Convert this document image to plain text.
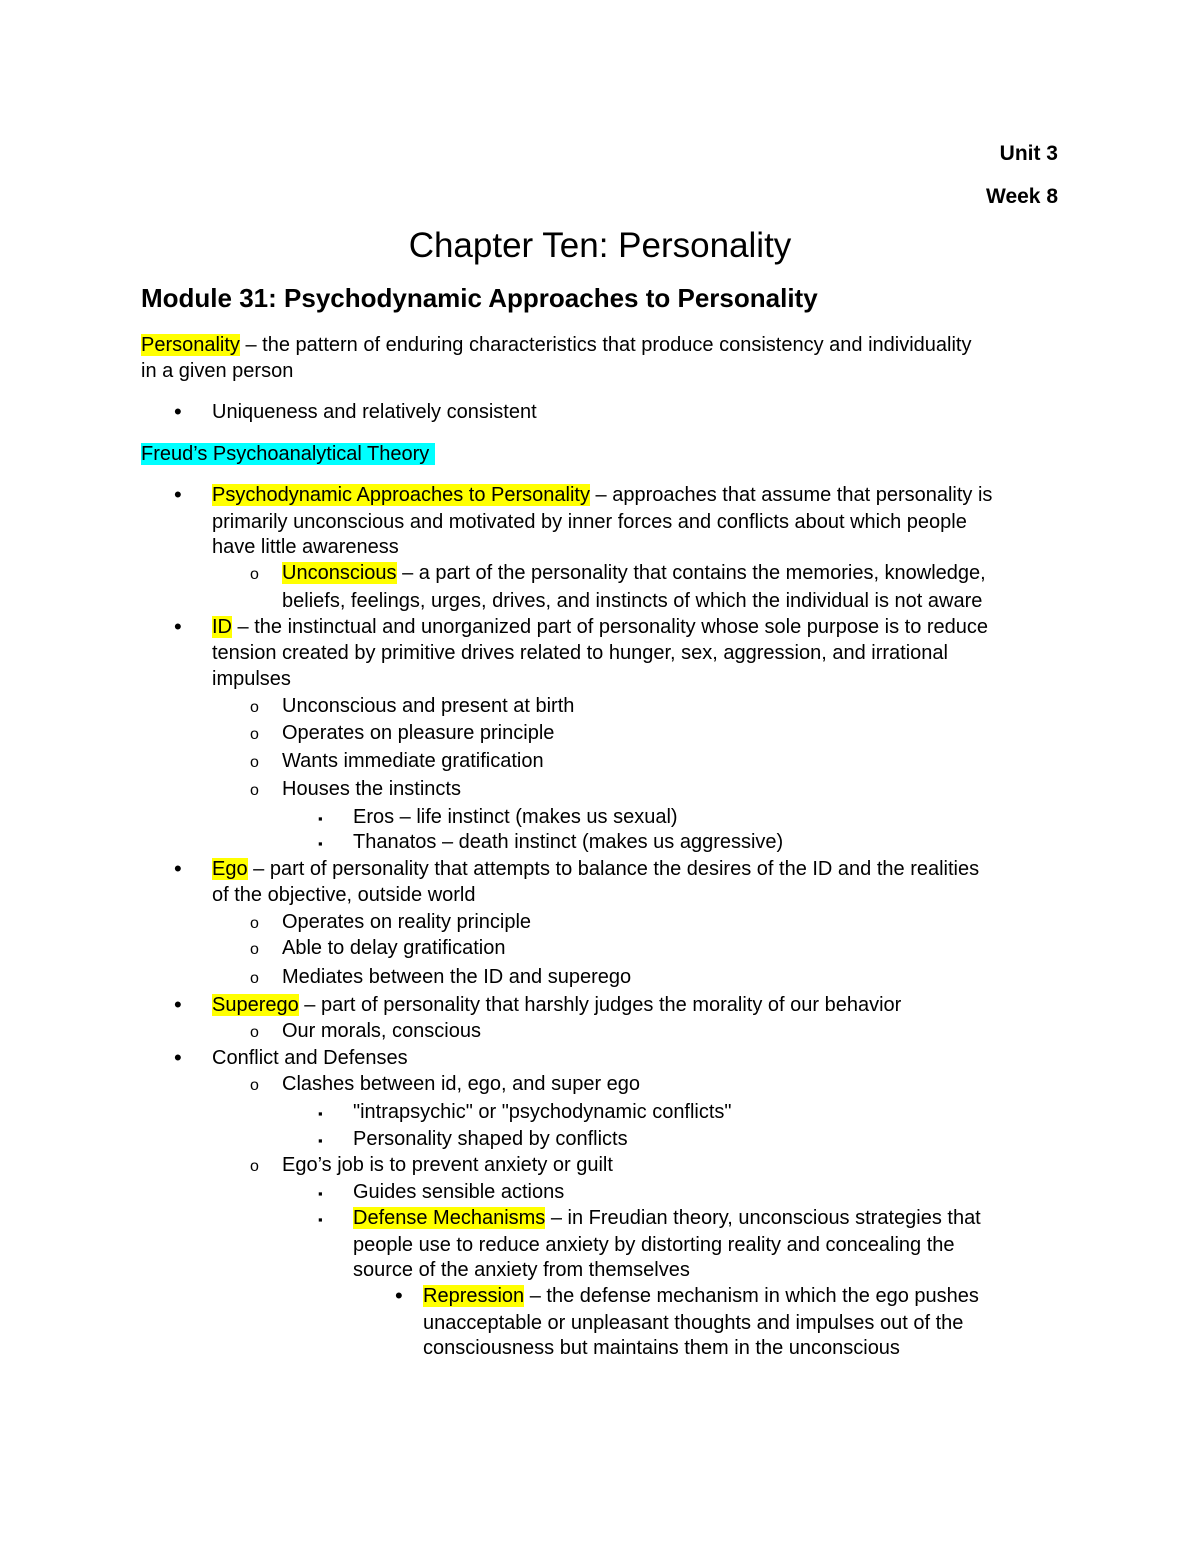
Unit 3
Week 8
Chapter Ten: Personality
Module 31: Psychodynamic Approaches to Personality
Personality – the pattern of enduring characteristics that produce consistency and individuality
in a given person
• Uniqueness and relatively consistent
Freud’s Psychoanalytical Theory
• Psychodynamic Approaches to Personality – approaches that assume that personality is
primarily unconscious and motivated by inner forces and conflicts about which people
have little awareness
o Unconscious – a part of the personality that contains the memories, knowledge,
beliefs, feelings, urges, drives, and instincts of which the individual is not aware
• ID – the instinctual and unorganized part of personality whose sole purpose is to reduce
tension created by primitive drives related to hunger, sex, aggression, and irrational
impulses
o Unconscious and present at birth
o Operates on pleasure principle
o Wants immediate gratification
o Houses the instincts
▪ Eros – life instinct (makes us sexual)
▪ Thanatos – death instinct (makes us aggressive)
• Ego – part of personality that attempts to balance the desires of the ID and the realities
of the objective, outside world
o Operates on reality principle
o Able to delay gratification
o Mediates between the ID and superego
• Superego – part of personality that harshly judges the morality of our behavior
o Our morals, conscious
• Conflict and Defenses
o Clashes between id, ego, and super ego
▪ "intrapsychic" or "psychodynamic conflicts"
▪ Personality shaped by conflicts
o Ego’s job is to prevent anxiety or guilt
▪ Guides sensible actions
▪ Defense Mechanisms – in Freudian theory, unconscious strategies that
people use to reduce anxiety by distorting reality and concealing the
source of the anxiety from themselves
• Repression – the defense mechanism in which the ego pushes
unacceptable or unpleasant thoughts and impulses out of the
consciousness but maintains them in the unconscious
